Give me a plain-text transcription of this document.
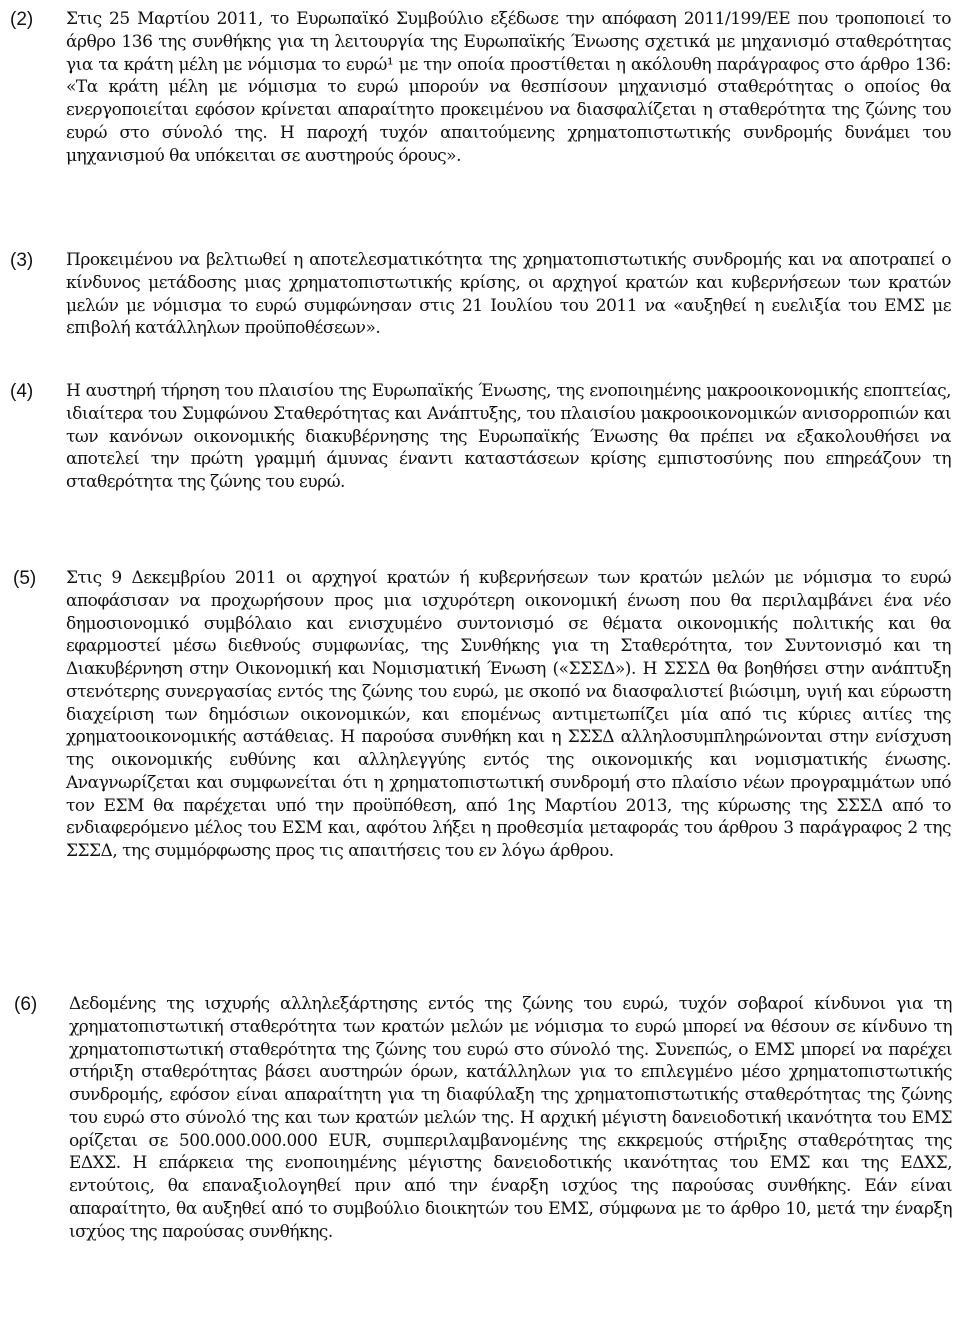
(2) Στις 25 Μαρτίου 2011, το Ευρωπαϊκό Συμβούλιο εξέδωσε την απόφαση 2011/199/ΕΕ που τροποποιεί το άρθρο 136 της συνθήκης για τη λειτουργία της Ευρωπαϊκής Ένωσης σχετικά με μηχανισμό σταθερότητας για τα κράτη μέλη με νόμισμα το ευρώ¹ με την οποία προστίθεται η ακόλουθη παράγραφος στο άρθρο 136: «Τα κράτη μέλη με νόμισμα το ευρώ μπορούν να θεσπίσουν μηχανισμό σταθερότητας ο οποίος θα ενεργοποιείται εφόσον κρίνεται απαραίτητο προκειμένου να διασφαλίζεται η σταθερότητα της ζώνης του ευρώ στο σύνολό της. Η παροχή τυχόν απαιτούμενης χρηματοπιστωτικής συνδρομής δυνάμει του μηχανισμού θα υπόκειται σε αυστηρούς όρους».
(3) Προκειμένου να βελτιωθεί η αποτελεσματικότητα της χρηματοπιστωτικής συνδρομής και να αποτραπεί ο κίνδυνος μετάδοσης μιας χρηματοπιστωτικής κρίσης, οι αρχηγοί κρατών και κυβερνήσεων των κρατών μελών με νόμισμα το ευρώ συμφώνησαν στις 21 Ιουλίου του 2011 να «αυξηθεί η ευελιξία του ΕΜΣ με επιβολή κατάλληλων προϋποθέσεων».
(4) Η αυστηρή τήρηση του πλαισίου της Ευρωπαϊκής Ένωσης, της ενοποιημένης μακροοικονομικής εποπτείας, ιδιαίτερα του Συμφώνου Σταθερότητας και Ανάπτυξης, του πλαισίου μακροοικονομικών ανισορροπιών και των κανόνων οικονομικής διακυβέρνησης της Ευρωπαϊκής Ένωσης θα πρέπει να εξακολουθήσει να αποτελεί την πρώτη γραμμή άμυνας έναντι καταστάσεων κρίσης εμπιστοσύνης που επηρεάζουν τη σταθερότητα της ζώνης του ευρώ.
(5) Στις 9 Δεκεμβρίου 2011 οι αρχηγοί κρατών ή κυβερνήσεων των κρατών μελών με νόμισμα το ευρώ αποφάσισαν να προχωρήσουν προς μια ισχυρότερη οικονομική ένωση που θα περιλαμβάνει ένα νέο δημοσιονομικό συμβόλαιο και ενισχυμένο συντονισμό σε θέματα οικονομικής πολιτικής και θα εφαρμοστεί μέσω διεθνούς συμφωνίας, της Συνθήκης για τη Σταθερότητα, τον Συντονισμό και τη Διακυβέρνηση στην Οικονομική και Νομισματική Ένωση («ΣΣΣΔ»). Η ΣΣΣΔ θα βοηθήσει στην ανάπτυξη στενότερης συνεργασίας εντός της ζώνης του ευρώ, με σκοπό να διασφαλιστεί βιώσιμη, υγιή και εύρωστη διαχείριση των δημόσιων οικονομικών, και επομένως αντιμετωπίζει μία από τις κύριες αιτίες της χρηματοοικονομικής αστάθειας. Η παρούσα συνθήκη και η ΣΣΣΔ αλληλοσυμπληρώνονται στην ενίσχυση της οικονομικής ευθύνης και αλληλεγγύης εντός της οικονομικής και νομισματικής ένωσης. Αναγνωρίζεται και συμφωνείται ότι η χρηματοπιστωτική συνδρομή στο πλαίσιο νέων προγραμμάτων υπό τον ΕΣΜ θα παρέχεται υπό την προϋπόθεση, από 1ης Μαρτίου 2013, της κύρωσης της ΣΣΣΔ από το ενδιαφερόμενο μέλος του ΕΣΜ και, αφότου λήξει η προθεσμία μεταφοράς του άρθρου 3 παράγραφος 2 της ΣΣΣΔ, της συμμόρφωσης προς τις απαιτήσεις του εν λόγω άρθρου.
(6) Δεδομένης της ισχυρής αλληλεξάρτησης εντός της ζώνης του ευρώ, τυχόν σοβαροί κίνδυνοι για τη χρηματοπιστωτική σταθερότητα των κρατών μελών με νόμισμα το ευρώ μπορεί να θέσουν σε κίνδυνο τη χρηματοπιστωτική σταθερότητα της ζώνης του ευρώ στο σύνολό της. Συνεπώς, ο ΕΜΣ μπορεί να παρέχει στήριξη σταθερότητας βάσει αυστηρών όρων, κατάλληλων για το επιλεγμένο μέσο χρηματοπιστωτικής συνδρομής, εφόσον είναι απαραίτητη για τη διαφύλαξη της χρηματοπιστωτικής σταθερότητας της ζώνης του ευρώ στο σύνολό της και των κρατών μελών της. Η αρχική μέγιστη δανειοδοτική ικανότητα του ΕΜΣ ορίζεται σε 500.000.000.000 EUR, συμπεριλαμβανομένης της εκκρεμούς στήριξης σταθερότητας της ΕΔΧΣ. Η επάρκεια της ενοποιημένης μέγιστης δανειοδοτικής ικανότητας του ΕΜΣ και της ΕΔΧΣ, εντούτοις, θα επαναξιολογηθεί πριν από την έναρξη ισχύος της παρούσας συνθήκης. Εάν είναι απαραίτητο, θα αυξηθεί από το συμβούλιο διοικητών του ΕΜΣ, σύμφωνα με το άρθρο 10, μετά την έναρξη ισχύος της παρούσας συνθήκης.
